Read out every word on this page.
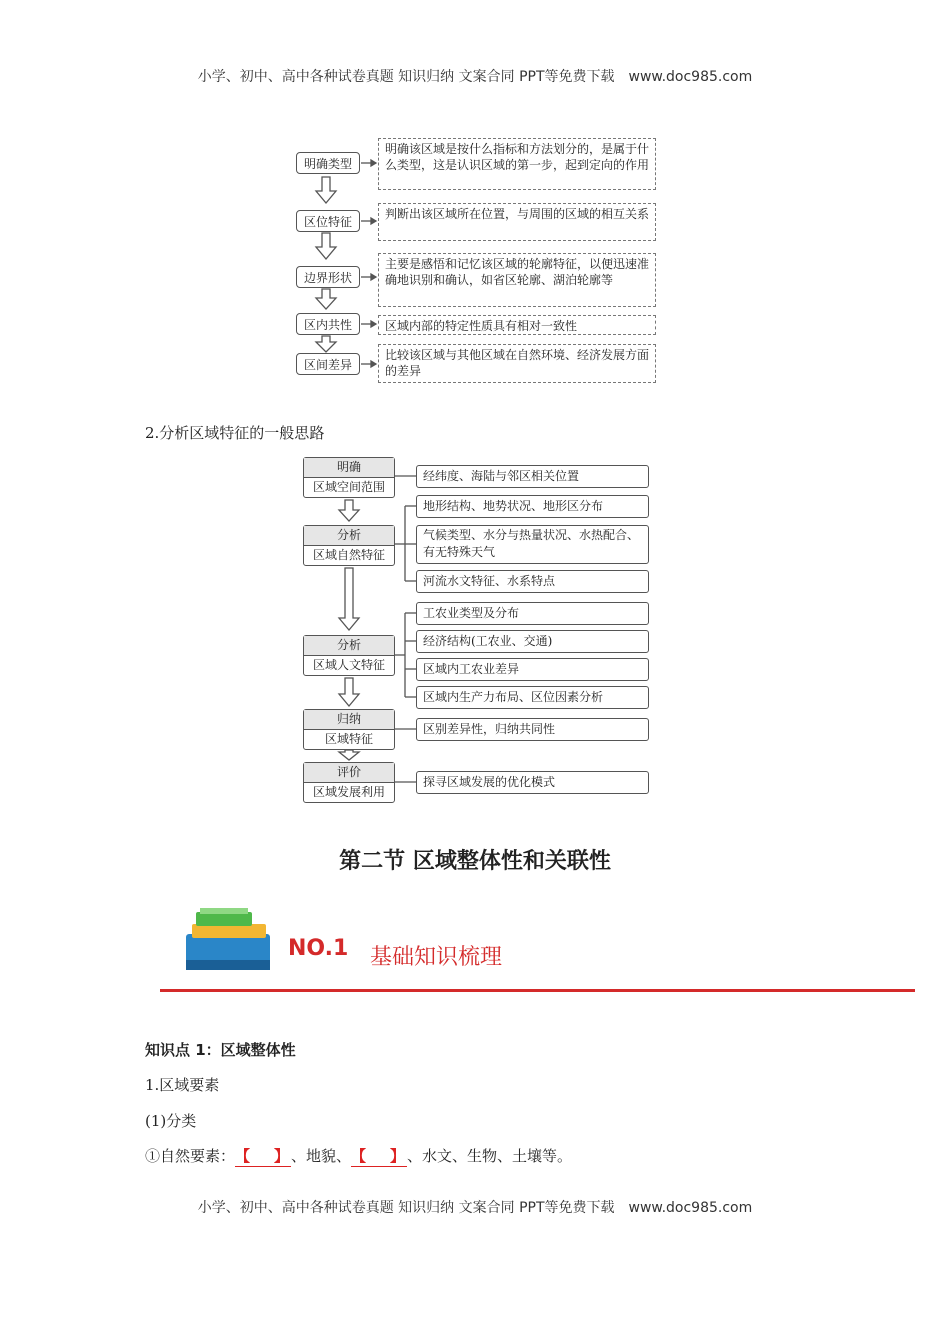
小学、初中、高中各种试卷真题 知识归纳 文案合同 PPT等免费下载 www.doc985.com
明确类型
明确该区域是按什么指标和方法划分的，是属于什么类型，这是认识区域的第一步，起到定向的作用
区位特征
判断出该区域所在位置，与周围的区域的相互关系
边界形状
主要是感悟和记忆该区域的轮廓特征，以便迅速准确地识别和确认，如省区轮廓、湖泊轮廓等
区内共性	区域内部的特定性质具有相对一致性
区间差异
比较该区域与其他区域在自然环境、经济发展方面的差异
2.分析区域特征的一般思路
明确
区域空间范围
分析
区域自然特征
分析
区域人文特征
归纳
区域特征
评价
区域发展利用
经纬度、海陆与邻区相关位置
地形结构、地势状况、地形区分布
气候类型、水分与热量状况、水热配合、有无特殊天气
河流水文特征、水系特点
工农业类型及分布
经济结构(工农业、交通)
区域内工农业差异
区域内生产力布局、区位因素分析
区别差异性，归纳共同性
探寻区域发展的优化模式
第二节 区域整体性和关联性
NO.1 基础知识梳理
知识点 1：区域整体性
1.区域要素
(1)分类
①自然要素：【 】 、地貌、【 】 、水文、生物、土壤等。
小学、初中、高中各种试卷真题 知识归纳 文案合同 PPT等免费下载 www.doc985.com
